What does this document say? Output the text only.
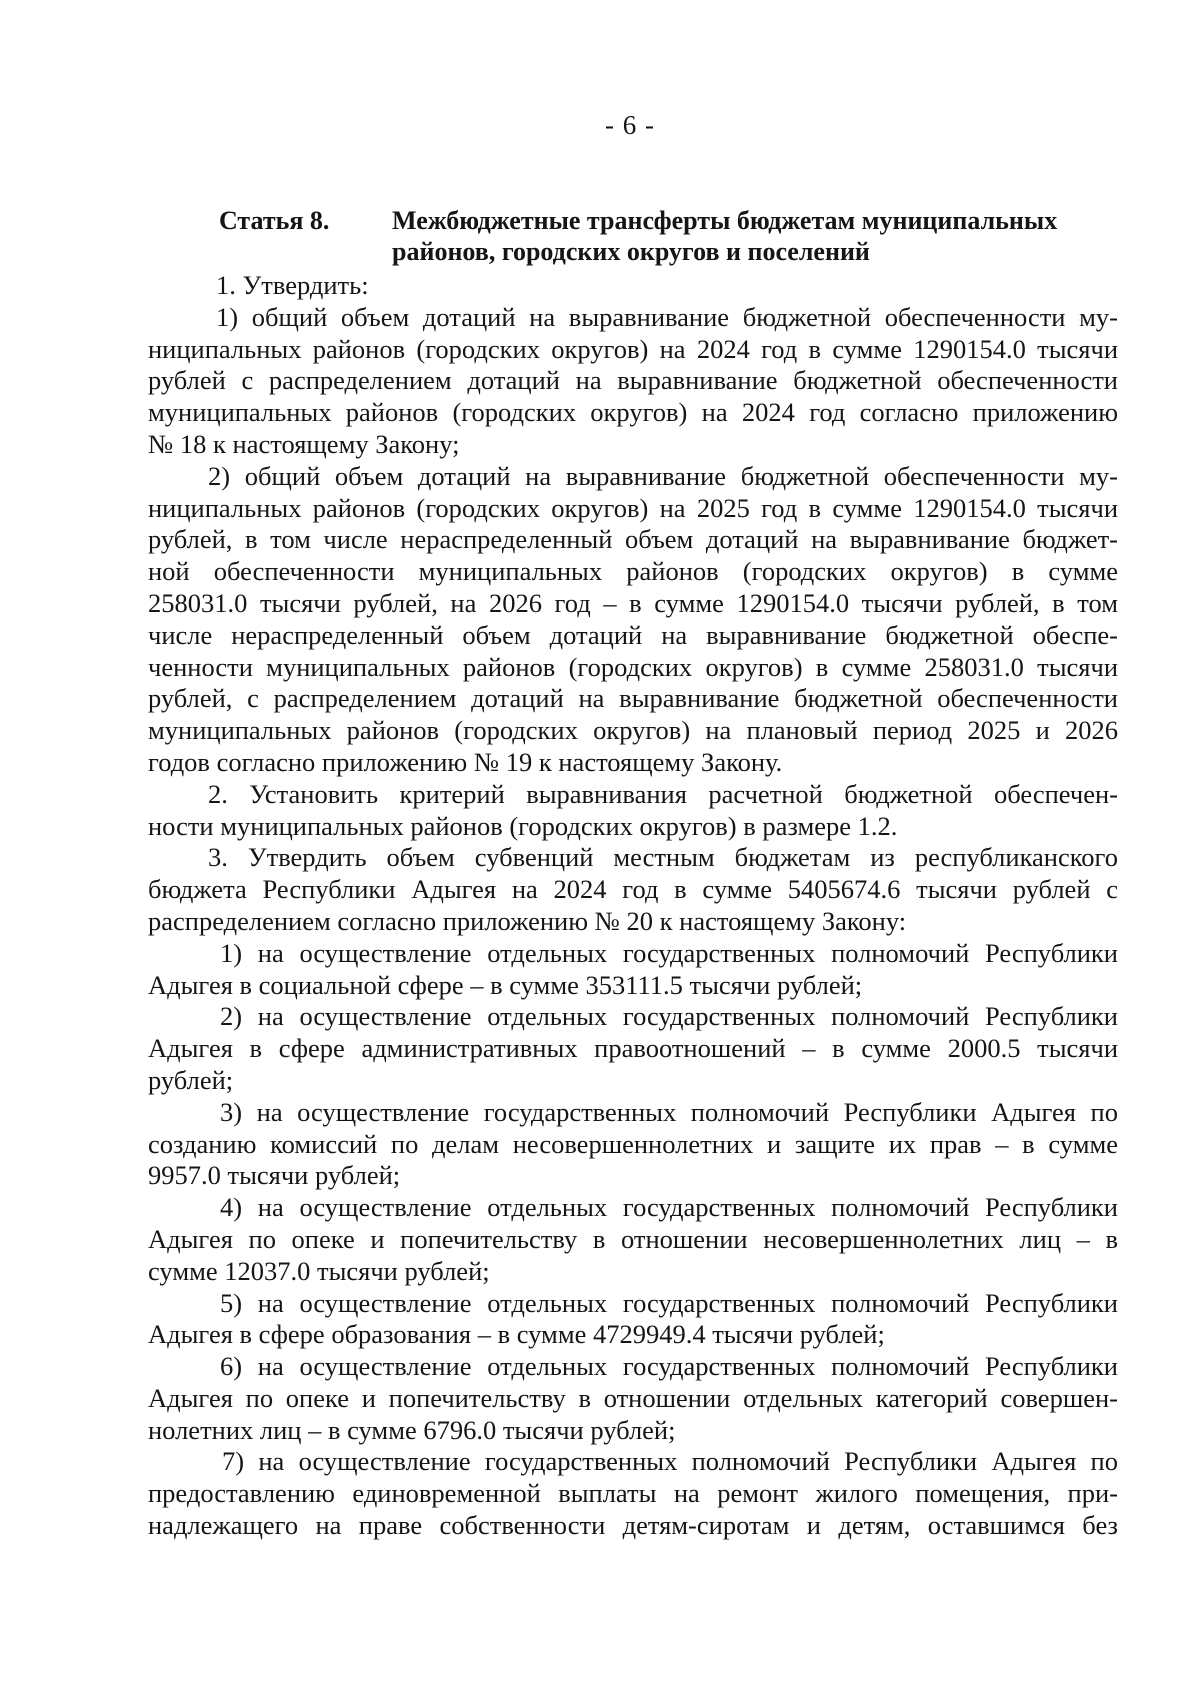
- 6 -
Статья 8. Межбюджетные трансферты бюджетам муниципальных
районов, городских округов и поселений
1. Утвердить:
1) общий объем дотаций на выравнивание бюджетной обеспеченности му-
ниципальных районов (городских округов) на 2024 год в сумме 1290154.0 тысячи
рублей с распределением дотаций на выравнивание бюджетной обеспеченности
муниципальных районов (городских округов) на 2024 год согласно приложению
№ 18 к настоящему Закону;
2) общий объем дотаций на выравнивание бюджетной обеспеченности му-
ниципальных районов (городских округов) на 2025 год в сумме 1290154.0 тысячи
рублей, в том числе нераспределенный объем дотаций на выравнивание бюджет-
ной обеспеченности муниципальных районов (городских округов) в сумме
258031.0 тысячи рублей, на 2026 год – в сумме 1290154.0 тысячи рублей, в том
числе нераспределенный объем дотаций на выравнивание бюджетной обеспе-
ченности муниципальных районов (городских округов) в сумме 258031.0 тысячи
рублей, с распределением дотаций на выравнивание бюджетной обеспеченности
муниципальных районов (городских округов) на плановый период 2025 и 2026
годов согласно приложению № 19 к настоящему Закону.
2. Установить критерий выравнивания расчетной бюджетной обеспечен-
ности муниципальных районов (городских округов) в размере 1.2.
3. Утвердить объем субвенций местным бюджетам из республиканского
бюджета Республики Адыгея на 2024 год в сумме 5405674.6 тысячи рублей с
распределением согласно приложению № 20 к настоящему Закону:
1) на осуществление отдельных государственных полномочий Республики
Адыгея в социальной сфере – в сумме 353111.5 тысячи рублей;
2) на осуществление отдельных государственных полномочий Республики
Адыгея в сфере административных правоотношений – в сумме 2000.5 тысячи
рублей;
3) на осуществление государственных полномочий Республики Адыгея по
созданию комиссий по делам несовершеннолетних и защите их прав – в сумме
9957.0 тысячи рублей;
4) на осуществление отдельных государственных полномочий Республики
Адыгея по опеке и попечительству в отношении несовершеннолетних лиц – в
сумме 12037.0 тысячи рублей;
5) на осуществление отдельных государственных полномочий Республики
Адыгея в сфере образования – в сумме 4729949.4 тысячи рублей;
6) на осуществление отдельных государственных полномочий Республики
Адыгея по опеке и попечительству в отношении отдельных категорий совершен-
нолетних лиц – в сумме 6796.0 тысячи рублей;
7) на осуществление государственных полномочий Республики Адыгея по
предоставлению единовременной выплаты на ремонт жилого помещения, при-
надлежащего на праве собственности детям-сиротам и детям, оставшимся без
